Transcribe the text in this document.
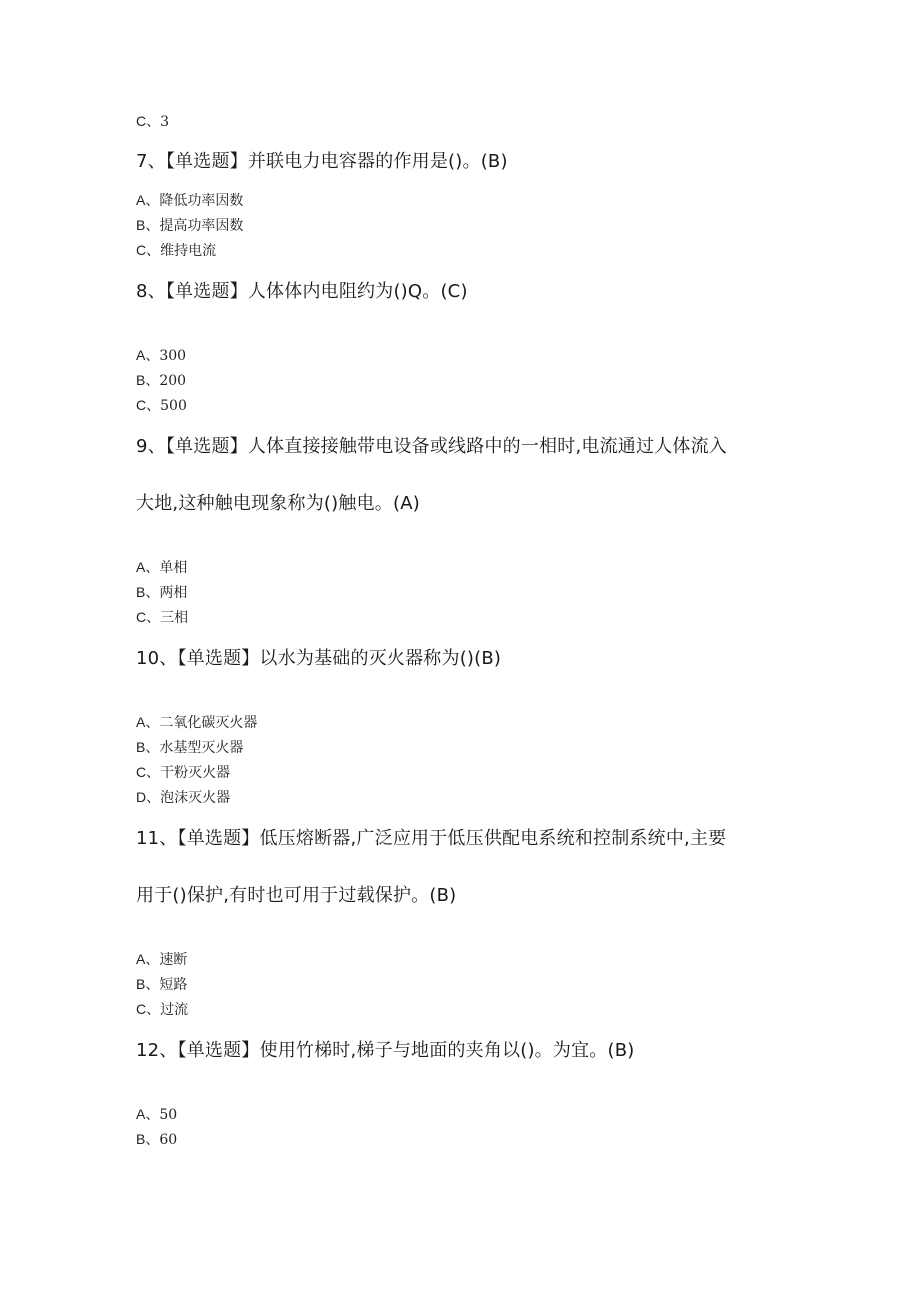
C、3
7、【单选题】并联电力电容器的作用是()。(B)
A、降低功率因数
B、提高功率因数
C、维持电流
8、【单选题】人体体内电阻约为()Q。(C)
A、300
B、200
C、500
9、【单选题】人体直接接触带电设备或线路中的一相时,电流通过人体流入
大地,这种触电现象称为()触电。(A)
A、单相
B、两相
C、三相
10、【单选题】以水为基础的灭火器称为()(B)
A、二氧化碳灭火器
B、水基型灭火器
C、干粉灭火器
D、泡沫灭火器
11、【单选题】低压熔断器,广泛应用于低压供配电系统和控制系统中,主要
用于()保护,有时也可用于过载保护。(B)
A、速断
B、短路
C、过流
12、【单选题】使用竹梯时,梯子与地面的夹角以()。为宜。(B)
A、50
B、60
